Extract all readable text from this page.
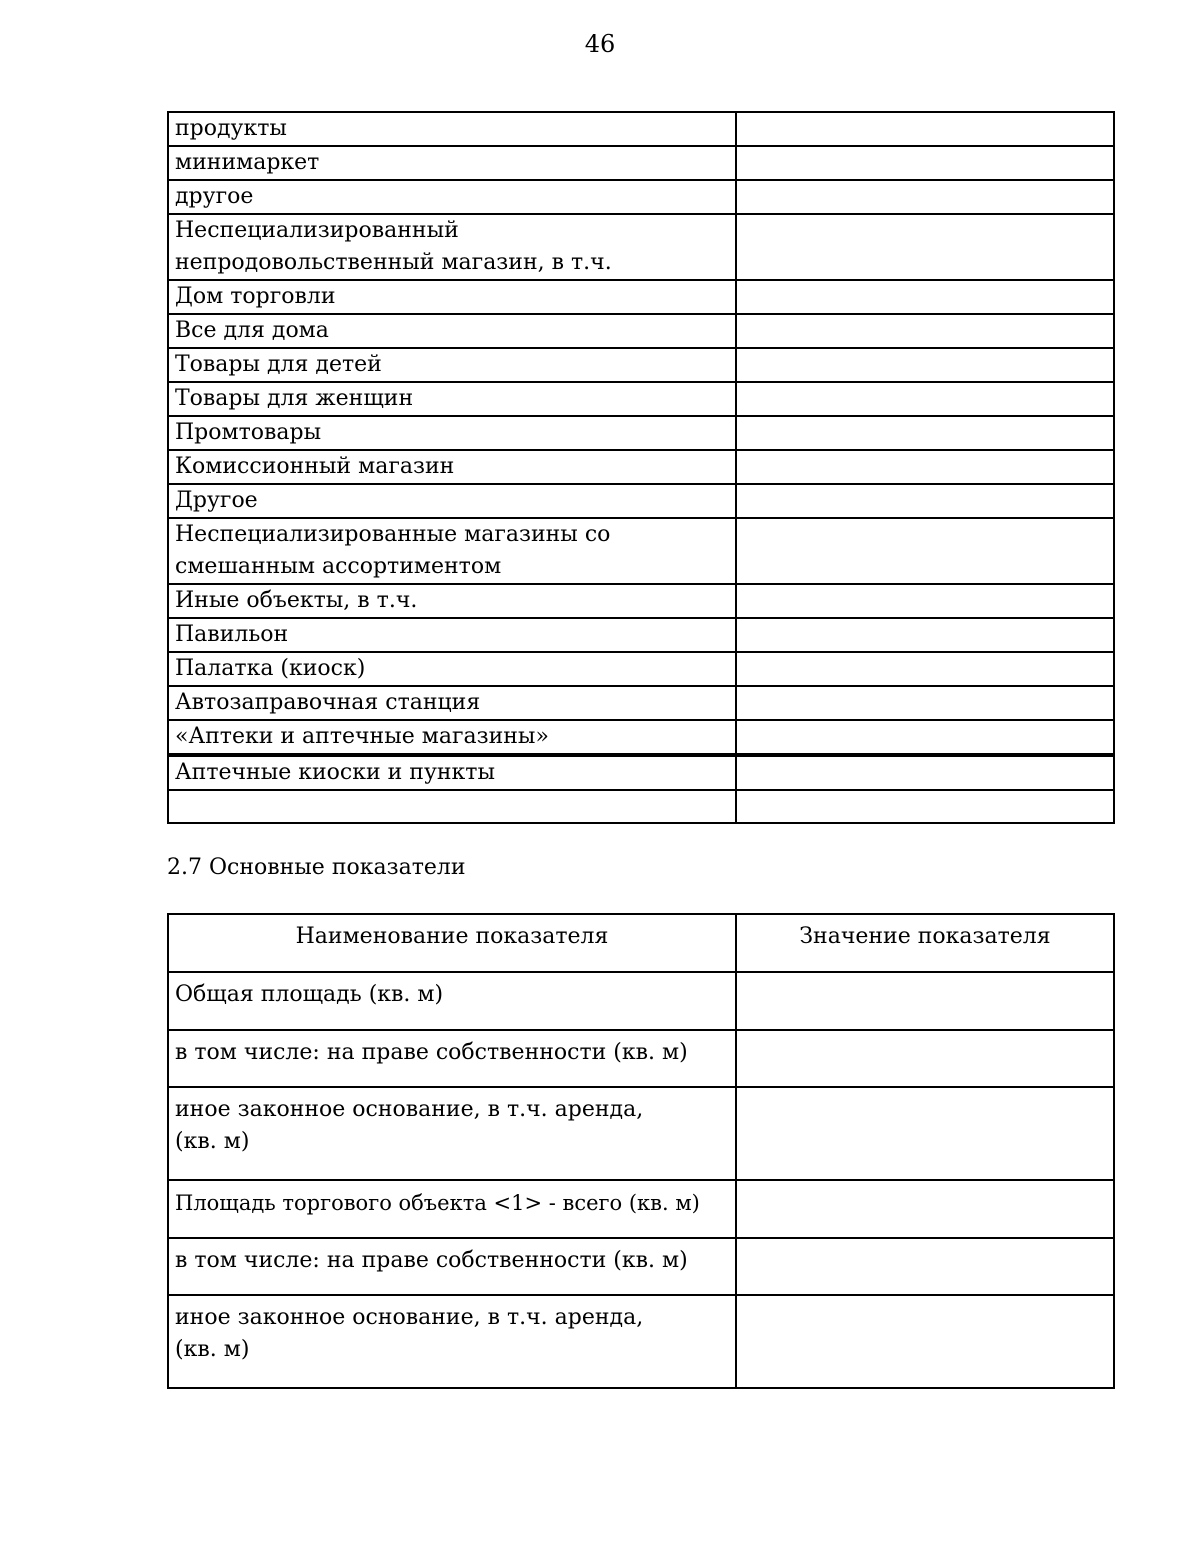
46
продукты	
минимаркет	
другое	
Неспециализированный непродовольственный магазин, в т.ч.	
Дом торговли	
Все для дома	
Товары для детей	
Товары для женщин	
Промтовары	
Комиссионный магазин	
Другое	
Неспециализированные магазины со смешанным ассортиментом	
Иные объекты, в т.ч.	
Павильон	
Палатка (киоск)	
Автозаправочная станция	
«Аптеки и аптечные магазины»	
Аптечные киоски и пункты	

2.7 Основные показатели
Наименование показателя	Значение показателя
Общая площадь (кв. м)	
в том числе: на праве собственности (кв. м)	
иное законное основание, в т.ч. аренда, (кв. м)	
Площадь торгового объекта <1> - всего (кв. м)	
в том числе: на праве собственности (кв. м)	
иное законное основание, в т.ч. аренда, (кв. м)	
